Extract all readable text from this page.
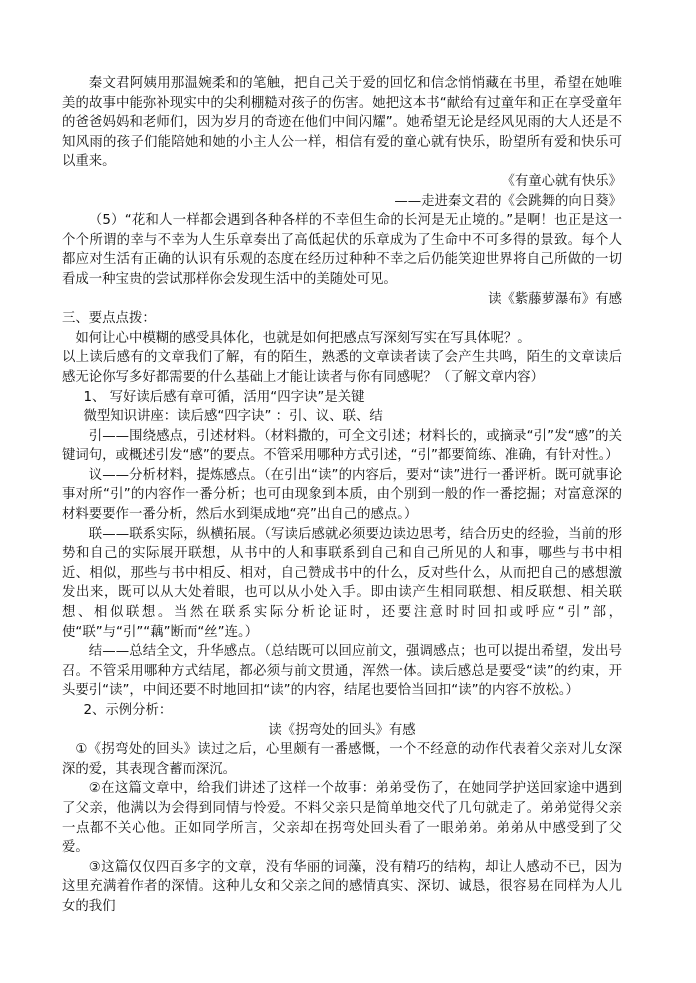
秦文君阿姨用那温婉柔和的笔触，把自己关于爱的回忆和信念悄悄藏在书里，希望在她唯美的故事中能弥补现实中的尖利棚糙对孩子的伤害。她把这本书“献给有过童年和正在享受童年的爸爸妈妈和老师们，因为岁月的奇迹在他们中间闪耀”。她希望无论是经风见雨的大人还是不知风雨的孩子们能陪她和她的小主人公一样，相信有爱的童心就有快乐，盼望所有爱和快乐可以重来。

《有童心就有快乐》

——走进秦文君的《会跳舞的向日葵》

（5）“花和人一样都会遇到各种各样的不幸但生命的长河是无止境的。”是啊！也正是这一个个所谓的幸与不幸为人生乐章奏出了高低起伏的乐章成为了生命中不可多得的景致。每个人都应对生活有正确的认识有乐观的态度在经历过种种不幸之后仍能笑迎世界将自己所做的一切看成一种宝贵的尝试那样你会发现生活中的美随处可见。

读《紫藤萝瀑布》有感

三、要点点拨：

如何让心中模糊的感受具体化，也就是如何把感点写深刻写实在写具体呢？。

以上读后感有的文章我们了解，有的陌生，熟悉的文章读者读了会产生共鸣，陌生的文章读后感无论你写多好都需要的什么基础上才能让读者与你有同感呢？（了解文章内容）

1、 写好读后感有章可循，活用“四字诀”是关键

微型知识讲座：读后感“四字诀” ：引、议、联、结

引——围绕感点，引述材料。（材料撒的，可全文引述；材料长的，或摘录“引”发“感”的关键词句，或概述引发“感”的要点。不管采用哪种方式引述，“引”都要简练、准确，有针对性。）

议——分析材料，提炼感点。（在引出“读”的内容后，要对“读”进行一番评析。既可就事论事对所“引”的内容作一番分析；也可由现象到本质，由个别到一般的作一番挖掘；对富意深的材料要要作一番分析，然后水到渠成地“亮”出自己的感点。）

联——联系实际，纵横拓展。（写读后感就必须要边读边思考，结合历史的经验，当前的形势和自己的实际展开联想，从书中的人和事联系到自己和自己所见的人和事，哪些与书中相近、相似，那些与书中相反、相对，自己赞成书中的什么，反对些什么，从而把自己的感想激发出来，既可以从大处着眼，也可以从小处入手。即由读产生相同联想、相反联想、相关联想、相似联想。当然在联系实际分析论证时，还要注意时时回扣或呼应“引”部，使“联”与“引”“藕”断而“丝”连。）

结——总结全文，升华感点。（总结既可以回应前文，强调感点；也可以提出希望，发出号召。不管采用哪种方式结尾，都必须与前文贯通，浑然一体。读后感总是要受“读”的约束，开头要引“读”，中间还要不时地回扣“读”的内容，结尾也要恰当回扣“读”的内容不放松。）

2、示例分析：

读《拐弯处的回头》有感

①《拐弯处的回头》读过之后，心里颇有一番感慨，一个不经意的动作代表着父亲对儿女深深的爱，其表现含蓄而深沉。

②在这篇文章中，给我们讲述了这样一个故事：弟弟受伤了，在她同学护送回家途中遇到了父亲，他满以为会得到同情与怜爱。不料父亲只是简单地交代了几句就走了。弟弟觉得父亲一点都不关心他。正如同学所言，父亲却在拐弯处回头看了一眼弟弟。弟弟从中感受到了父爱。

③这篇仅仅四百多字的文章，没有华丽的词藻，没有精巧的结构，却让人感动不已，因为这里充满着作者的深情。这种儿女和父亲之间的感情真实、深切、诚恳，很容易在同样为人儿女的我们
